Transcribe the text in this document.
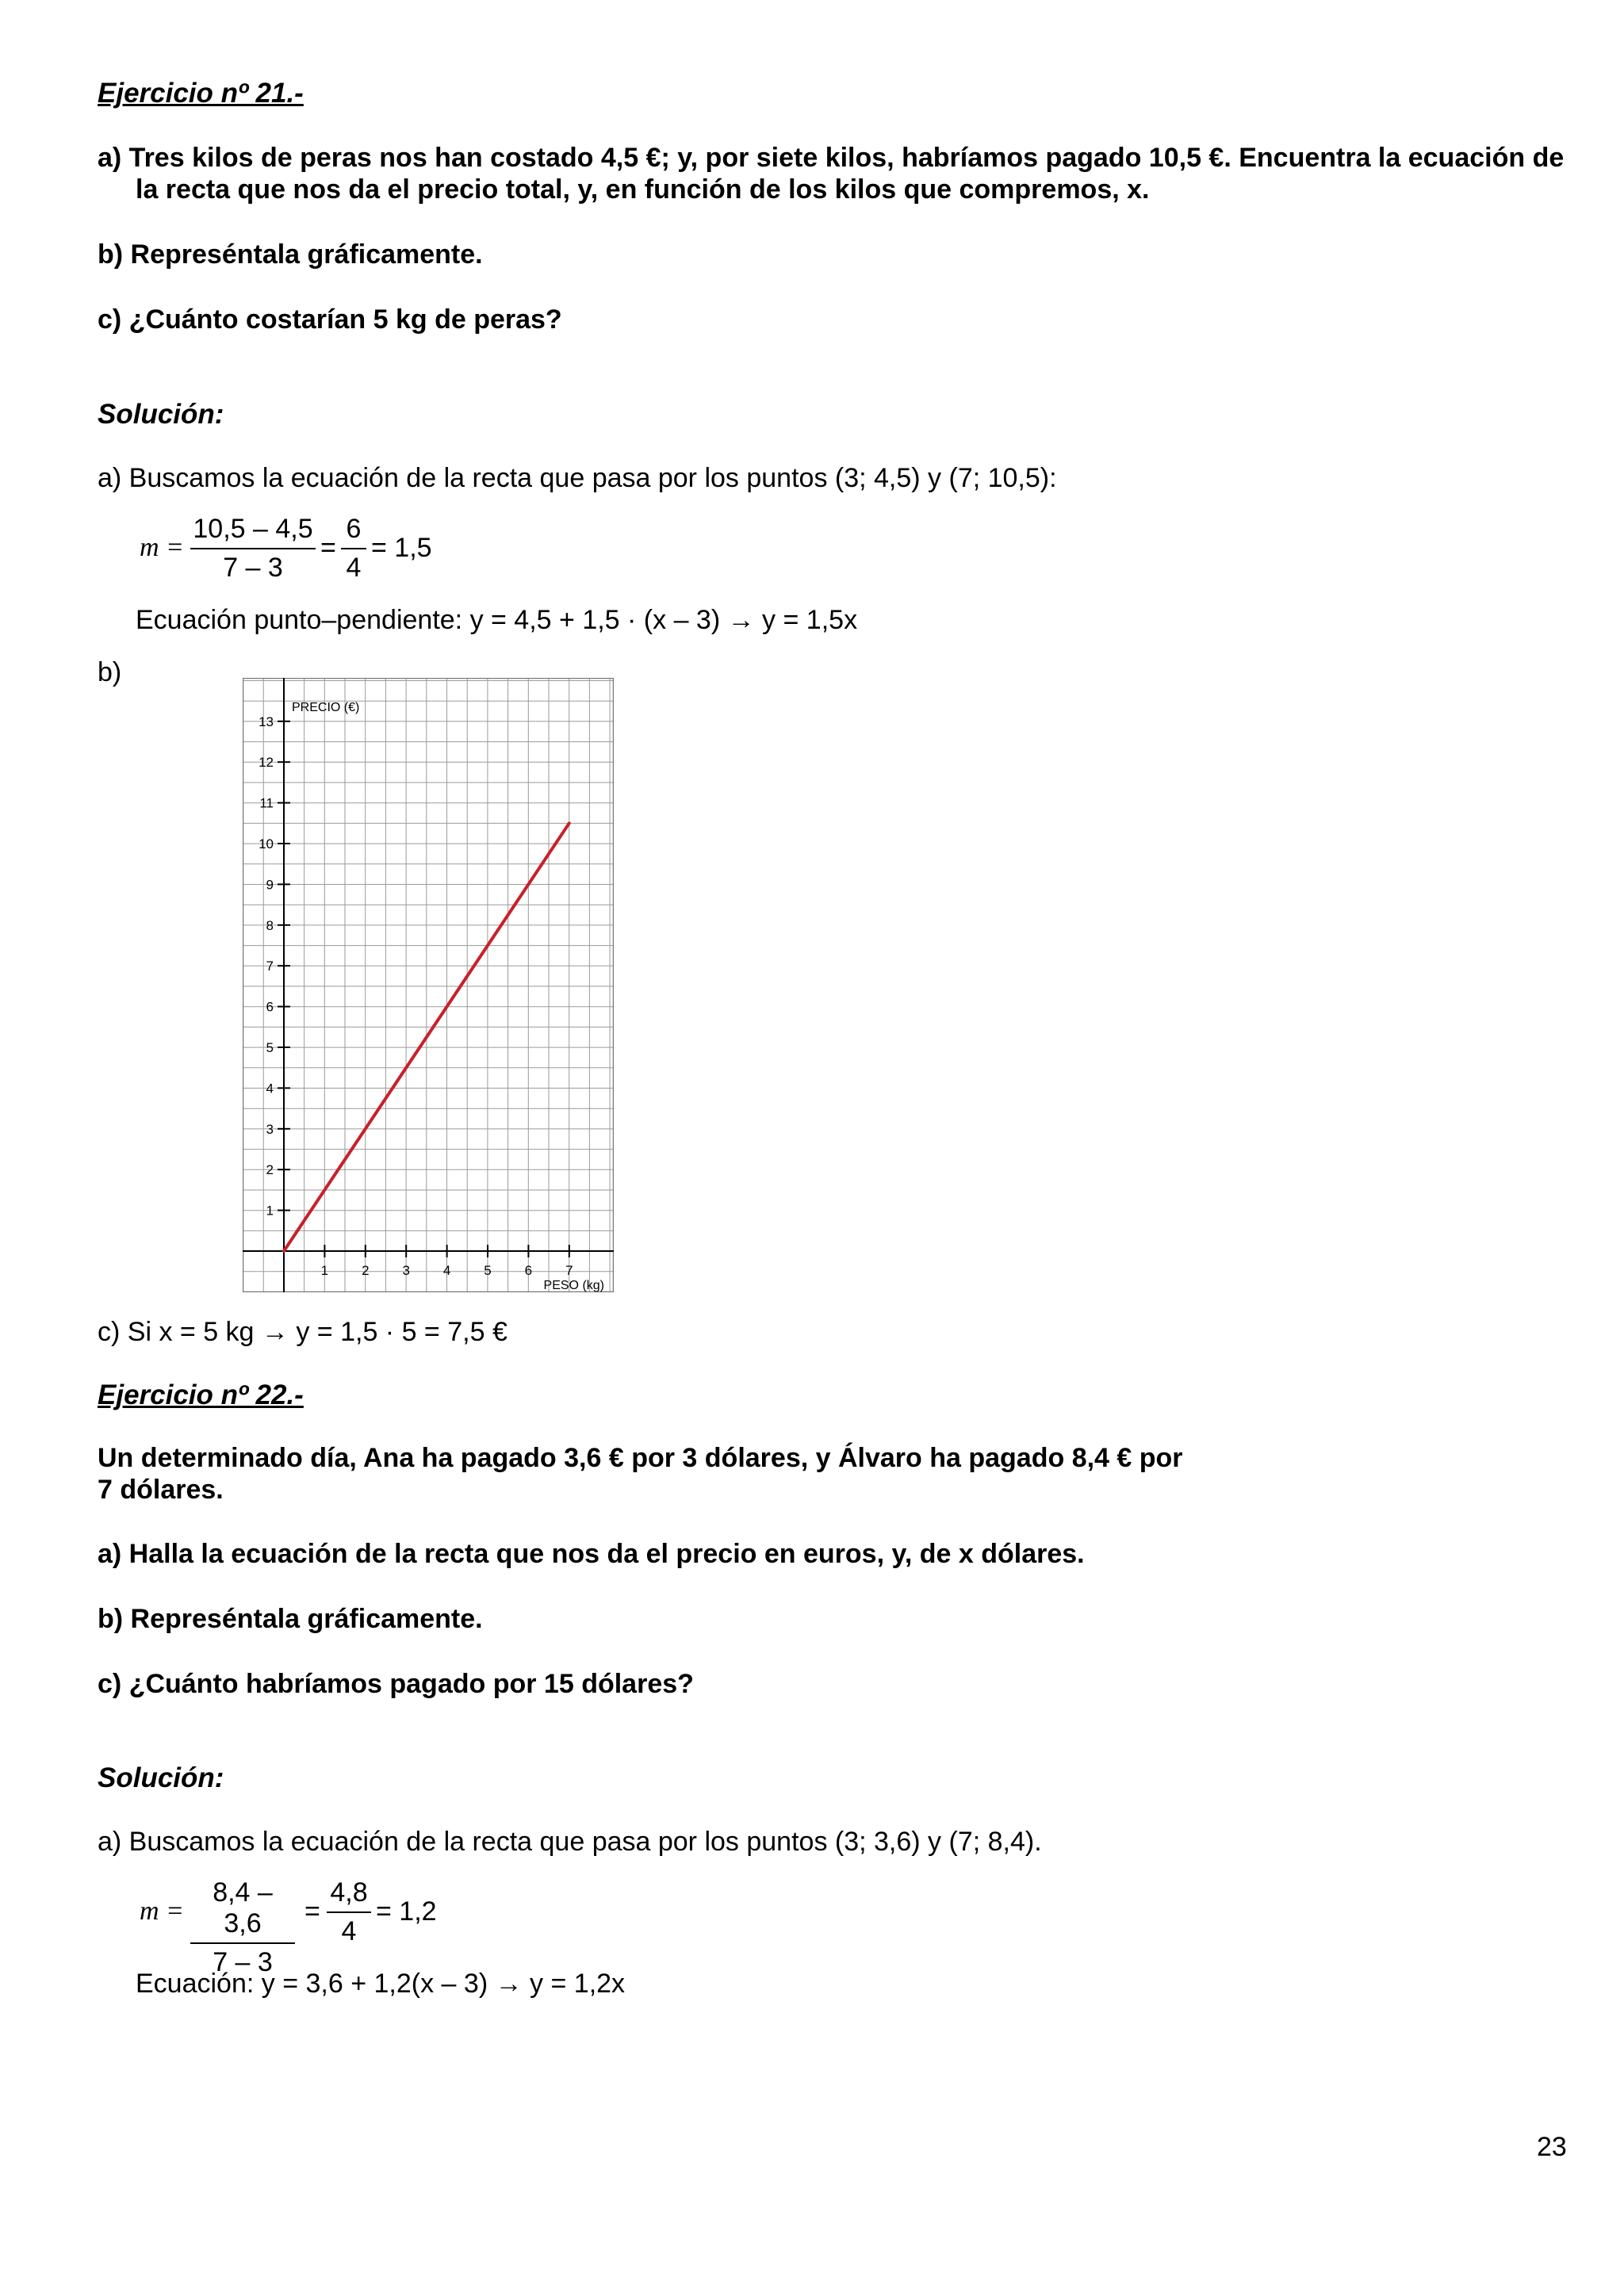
Ejercicio nº 21.-
a) Tres kilos de peras nos han costado 4,5 €; y, por siete kilos, habríamos pagado 10,5 €. Encuentra la ecuación de
la recta que nos da el precio total, y, en función de los kilos que compremos, x.
b) Represéntala gráficamente.
c) ¿Cuánto costarían 5 kg de peras?
Solución:
a) Buscamos la ecuación de la recta que pasa por los puntos (3; 4,5) y (7; 10,5):
m =
10,5 – 4,5
7 – 3
=
6
4
= 1,5
Ecuación punto–pendiente: y = 4,5 + 1,5 · (x – 3) → y = 1,5x
b)
1 2 3 4 5 6 7
1
2
3
4
5
6
7
8
9
10
11
12
13
PRECIO (€)
PESO (kg)
c) Si x = 5 kg → y = 1,5 · 5 = 7,5 €
Ejercicio nº 22.-
Un determinado día, Ana ha pagado 3,6 € por 3 dólares, y Álvaro ha pagado 8,4 € por
7 dólares.
a) Halla la ecuación de la recta que nos da el precio en euros, y, de x dólares.
b) Represéntala gráficamente.
c) ¿Cuánto habríamos pagado por 15 dólares?
Solución:
a) Buscamos la ecuación de la recta que pasa por los puntos (3; 3,6) y (7; 8,4).
m =
8,4 – 3,6
7 – 3
=
4,8
4
= 1,2
Ecuación: y = 3,6 + 1,2(x – 3) → y = 1,2x
23
